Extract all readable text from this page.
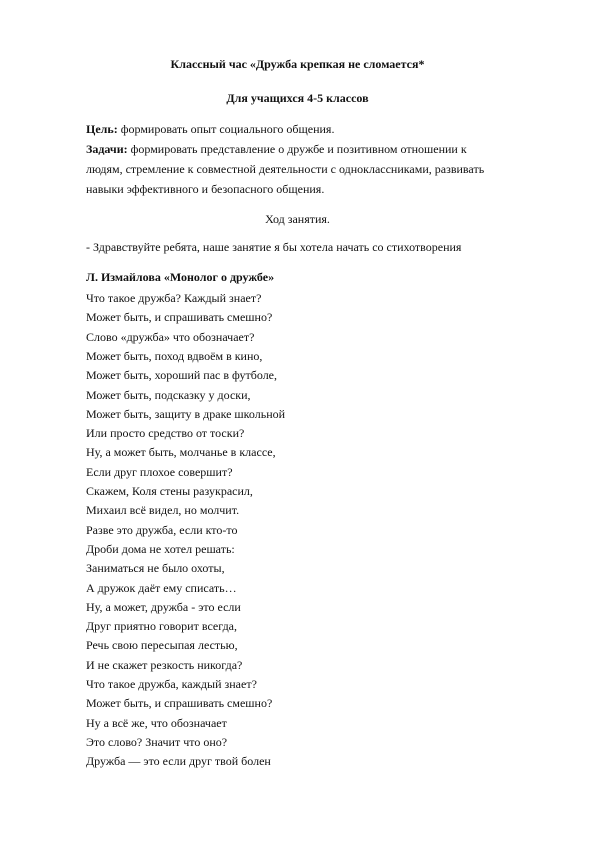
Классный час «Дружба крепкая не сломается*
Для учащихся 4-5 классов
Цель: формировать опыт социального общения.
Задачи: формировать представление о дружбе и позитивном отношении к
людям, стремление к совместной деятельности с одноклассниками, развивать
навыки эффективного и безопасного общения.
Ход занятия.
- Здравствуйте ребята, наше занятие я бы хотела начать со стихотворения
Л. Измайлова «Монолог о дружбе»
Что такое дружба? Каждый знает?
Может быть, и спрашивать смешно?
Слово «дружба» что обозначает?
Может быть, поход вдвоём в кино,
Может быть, хороший пас в футболе,
Может быть, подсказку у доски,
Может быть, защиту в драке школьной
Или просто средство от тоски?
Ну, а может быть, молчанье в классе,
Если друг плохое совершит?
Скажем, Коля стены разукрасил,
Михаил всё видел, но молчит.
Разве это дружба, если кто-то
Дроби дома не хотел решать:
Заниматься не было охоты,
А дружок даёт ему списать…
Ну, а может, дружба - это если
Друг приятно говорит всегда,
Речь свою пересыпая лестью,
И не скажет резкость никогда?
Что такое дружба, каждый знает?
Может быть, и спрашивать смешно?
Ну а всё же, что обозначает
Это слово? Значит что оно?
Дружба — это если друг твой болен
